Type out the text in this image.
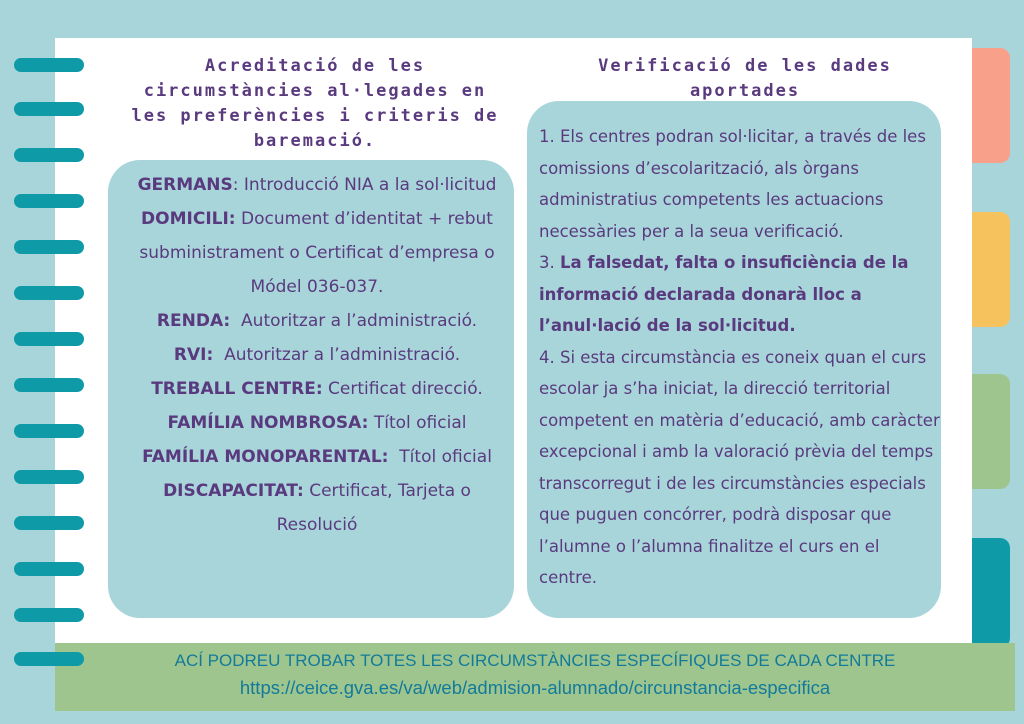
Acreditació de les circumstàncies al·legades en les preferències i criteris de baremació.
Verificació de les dades aportades
GERMANS: Introducció NIA a la sol·licitud
DOMICILI: Document d’identitat + rebut subministrament o Certificat d’empresa o Módel 036-037.
RENDA: Autoritzar a l’administració.
RVI: Autoritzar a l’administració.
TREBALL CENTRE: Certificat direcció.
FAMÍLIA NOMBROSA: Títol oficial
FAMÍLIA MONOPARENTAL: Títol oficial
DISCAPACITAT: Certificat, Tarjeta o Resolució
1. Els centres podran sol·licitar, a través de les comissions d’escolarització, als òrgans administratius competents les actuacions necessàries per a la seua verificació.
3. La falsedat, falta o insuficiència de la informació declarada donarà lloc a l’anul·lació de la sol·licitud.
4. Si esta circumstància es coneix quan el curs escolar ja s’ha iniciat, la direcció territorial competent en matèria d’educació, amb caràcter excepcional i amb la valoració prèvia del temps transcorregut i de les circumstàncies especials que puguen concórrer, podrà disposar que l’alumne o l’alumna finalitze el curs en el centre.
ACÍ PODREU TROBAR TOTES LES CIRCUMSTÀNCIES ESPECÍFIQUES DE CADA CENTRE
https://ceice.gva.es/va/web/admision-alumnado/circunstancia-especifica
